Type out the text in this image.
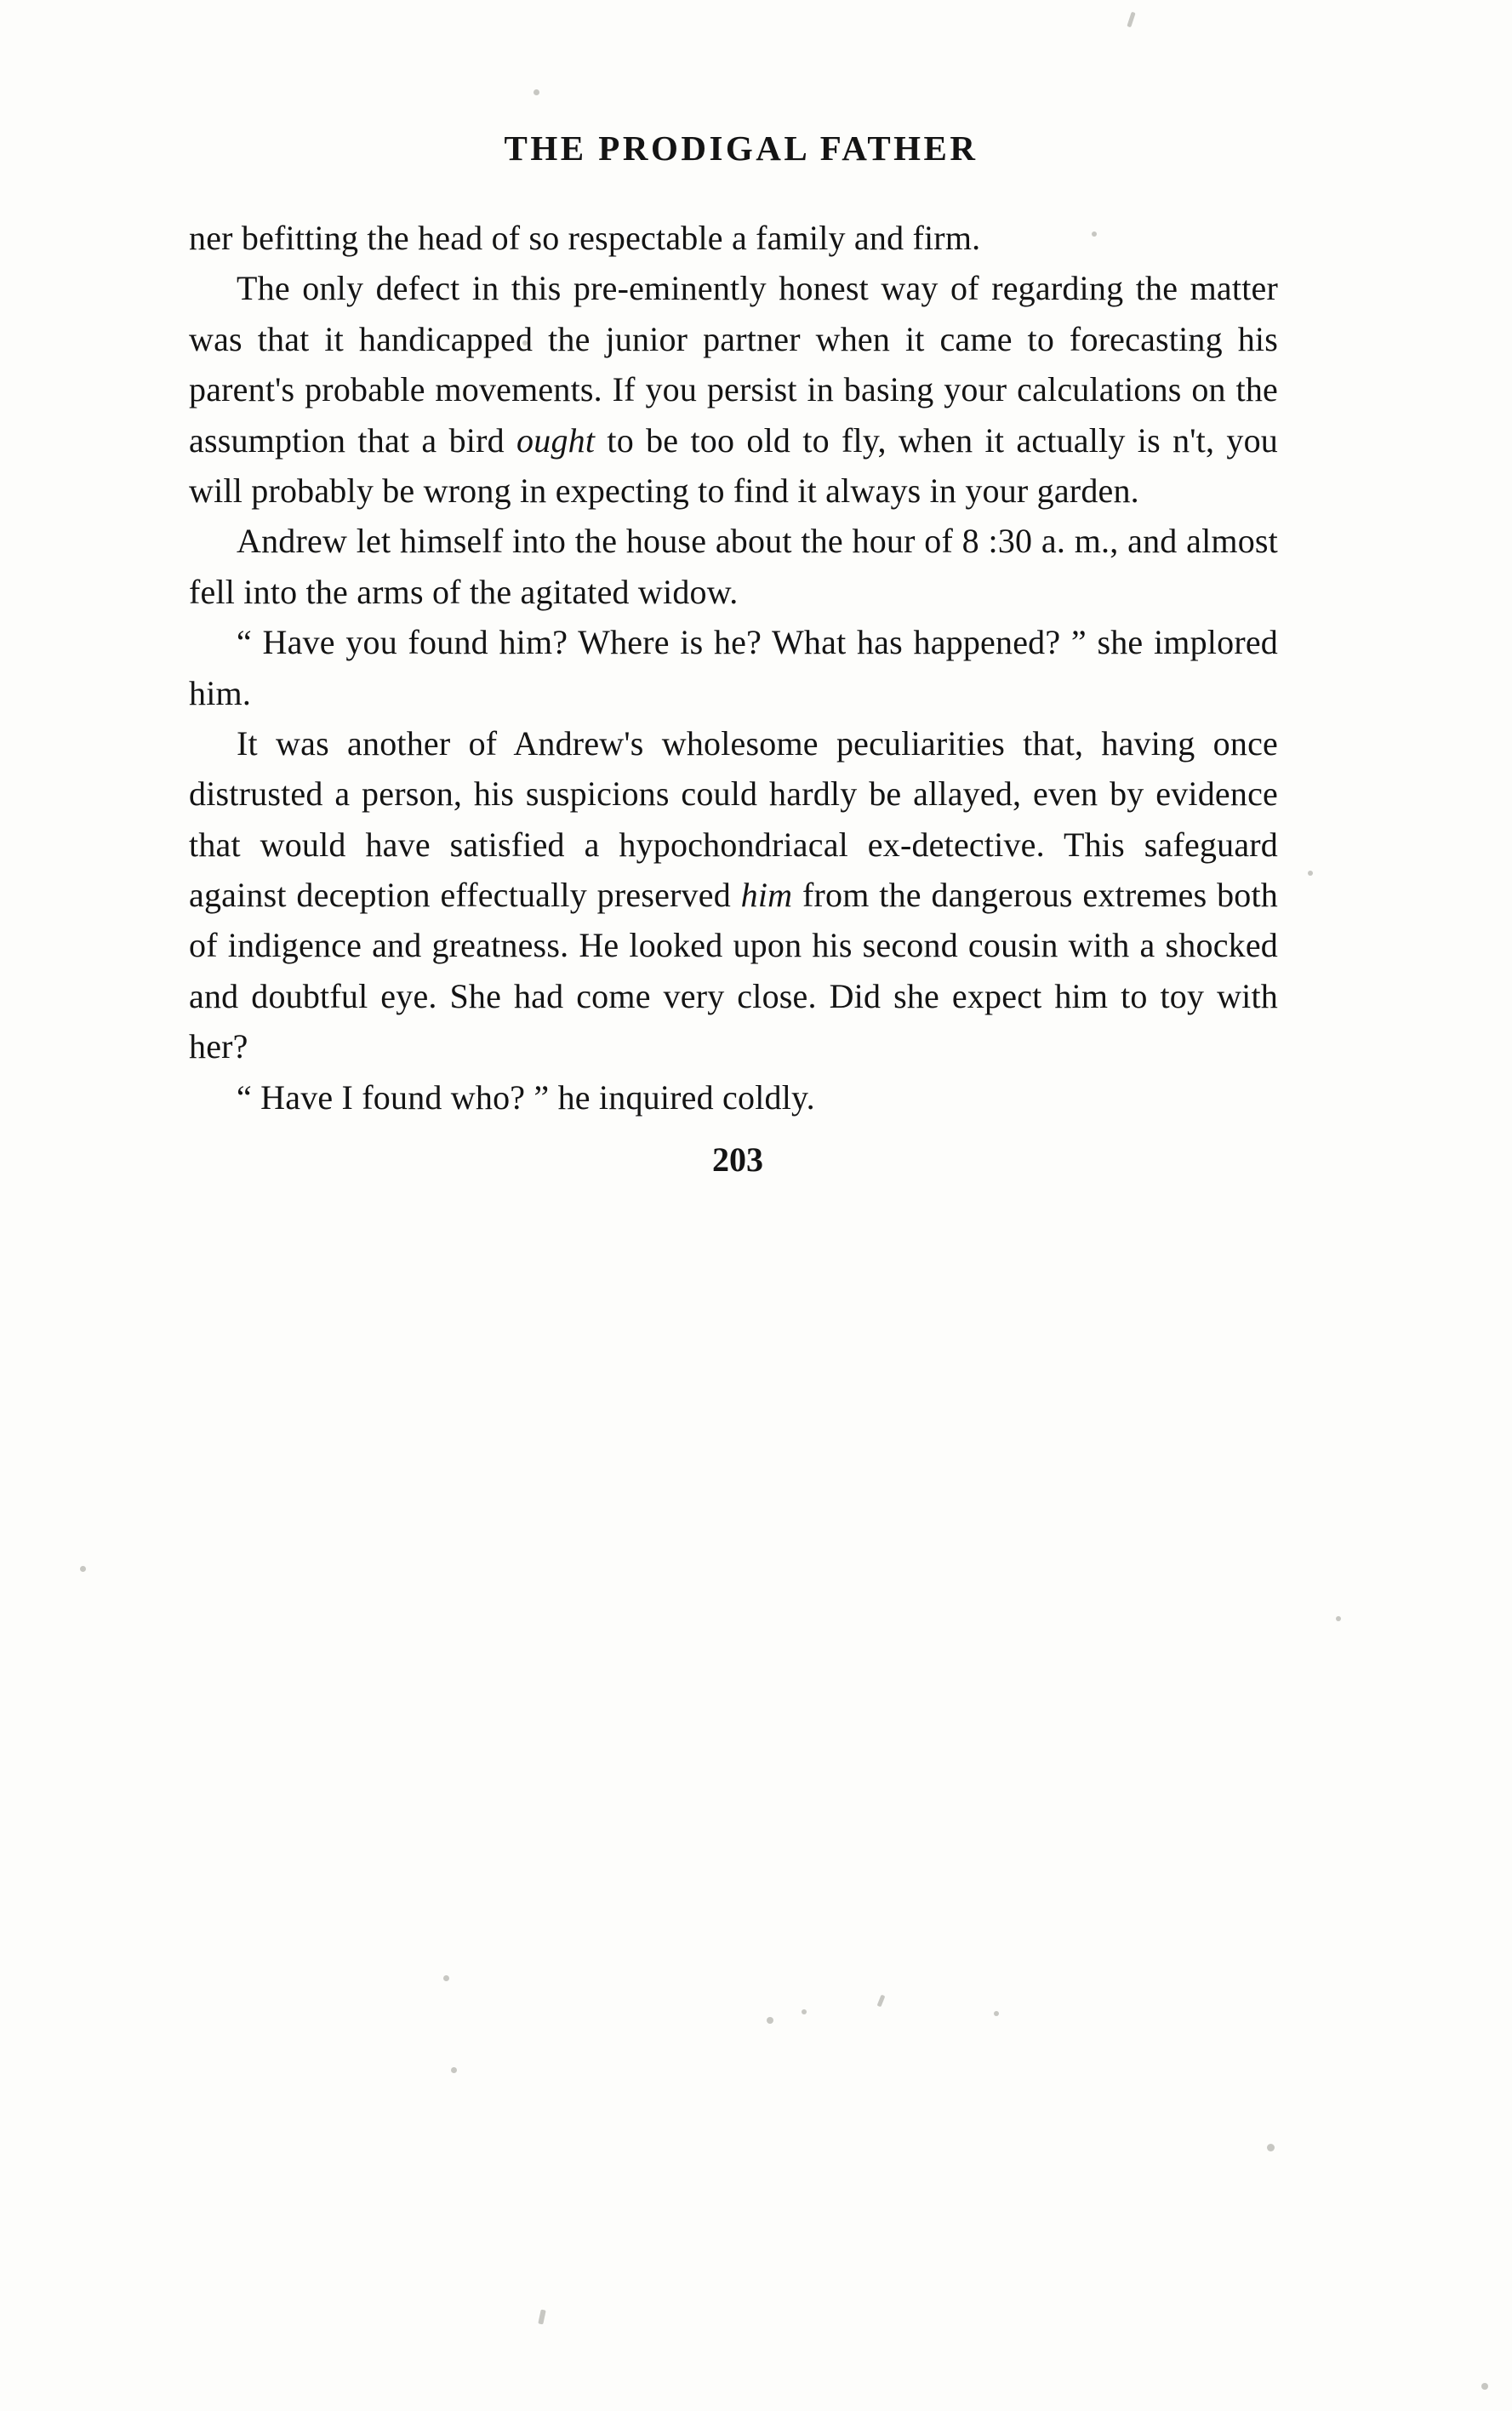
THE PRODIGAL FATHER

ner befitting the head of so respectable a family and firm.

The only defect in this pre-eminently honest way of regarding the matter was that it handicapped the junior partner when it came to forecasting his parent's probable movements. If you persist in basing your calculations on the assumption that a bird ought to be too old to fly, when it actually is n't, you will probably be wrong in expecting to find it always in your garden.

Andrew let himself into the house about the hour of 8 :30 a. m., and almost fell into the arms of the agitated widow.

“ Have you found him? Where is he? What has happened? ” she implored him.

It was another of Andrew's wholesome peculiarities that, having once distrusted a person, his suspicions could hardly be allayed, even by evidence that would have satisfied a hypochondriacal ex-detective. This safeguard against deception effectually preserved him from the dangerous extremes both of indigence and greatness. He looked upon his second cousin with a shocked and doubtful eye. She had come very close. Did she expect him to toy with her?

“ Have I found who? ” he inquired coldly.

203
